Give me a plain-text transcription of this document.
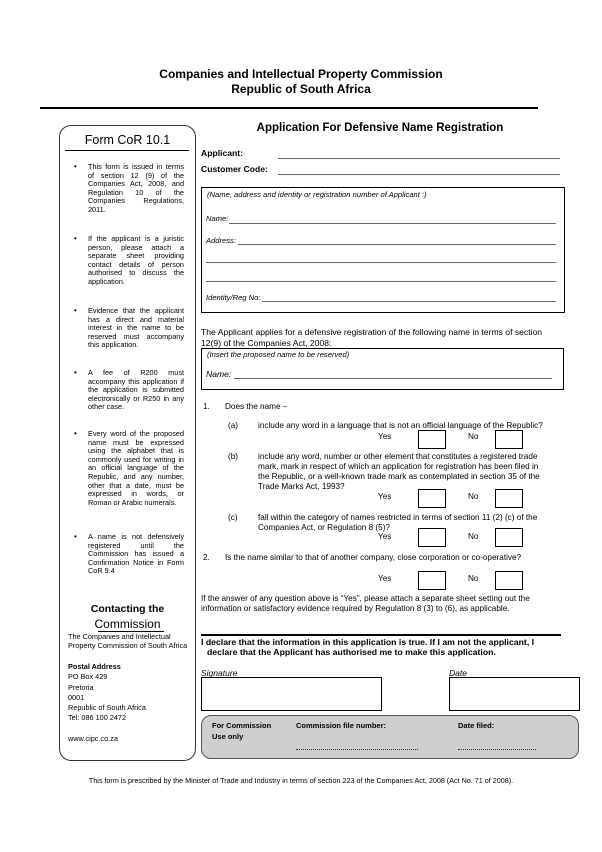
Companies and Intellectual Property Commission
Republic of South Africa
Form CoR 10.1
• This form is issued in terms of section 12 (9) of the Companies Act, 2008, and Regulation 10 of the Companies Regulations, 2011.
• If the applicant is a juristic person, please attach a separate sheet providing contact details of person authorised to discuss the application.
• Evidence that the applicant has a direct and material interest in the name to be reserved must accompany this application.
• A fee of R200 must accompany this application if the application is submitted electronically or R250 in any other case.
• Every word of the proposed name must be expressed using the alphabet that is commonly used for writing in an official language of the Republic, and any number, other that a date, must be expressed in words, or Roman or Arabic numerals.
• A name is not defensively registered until the Commission has issued a Confirmation Notice in Form CoR 9.4
Contacting the
Commission
The Companies and Intellectual
Property Commission of South Africa
Postal Address
PO Box 429
Pretoria
0001
Republic of South Africa
Tel: 086 100 2472
www.cipc.co.za
Application For Defensive Name Registration
Applicant:
Customer Code:
(Name, address and identity or registration number of Applicant :)
Name:
Address:
Identity/Reg No:
The Applicant applies for a defensive registration of the following name in terms of section
12(9) of the Companies Act, 2008:
(Insert the proposed name to be reserved)
Name:
1. Does the name –
(a) include any word in a language that is not an official language of the Republic?
Yes	No
(b) include any word, number or other element that constitutes a registered trade
mark, mark in respect of which an application for registration has been filed in
the Republic, or a well-known trade mark as contemplated in section 35 of the
Trade Marks Act, 1993?
Yes	No
(c) fall within the category of names restricted in terms of section 11 (2) (c) of the
Companies Act, or Regulation 8 (5)?
Yes	No
2. Is the name similar to that of another company, close corporation or co-operative?
Yes	No
If the answer of any question above is “Yes”, please attach a separate sheet setting out the
information or satisfactory evidence required by Regulation 8 (3) to (6), as applicable.
I declare that the information in this application is true. If I am not the applicant, I
declare that the Applicant has authorised me to make this application.
Signature	Date
For Commission
Use only
Commission file number:	Date filed:
This form is prescribed by the Minister of Trade and Industry in terms of section 223 of the Companies Act, 2008 (Act No. 71 of 2008).
